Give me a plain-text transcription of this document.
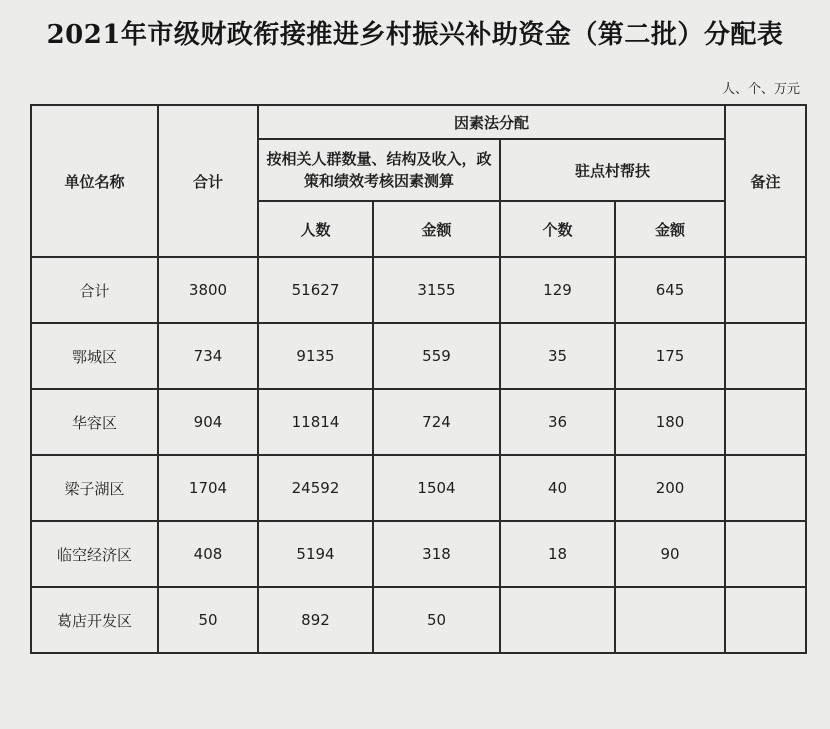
2021年市级财政衔接推进乡村振兴补助资金（第二批）分配表
人、个、万元
单位名称	合计	因素法分配				备注
		按相关人群数量、结构及收入，政策和绩效考核因素测算		驻点村帮扶		
		人数	金额	个数	金额	
合计	3800	51627	3155	129	645	
鄂城区	734	9135	559	35	175	
华容区	904	11814	724	36	180	
梁子湖区	1704	24592	1504	40	200	
临空经济区	408	5194	318	18	90	
葛店开发区	50	892	50			
